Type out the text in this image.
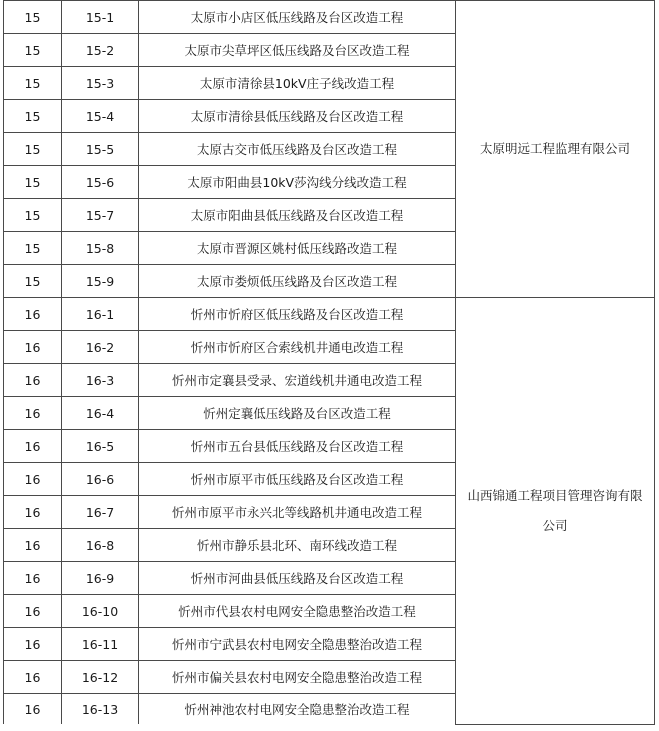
15	15-1	太原市小店区低压线路及台区改造工程	太原明远工程监理有限公司
15	15-2	太原市尖草坪区低压线路及台区改造工程	
15	15-3	太原市清徐县10kV庄子线改造工程	
15	15-4	太原市清徐县低压线路及台区改造工程	
15	15-5	太原古交市低压线路及台区改造工程	
15	15-6	太原市阳曲县10kV莎沟线分线改造工程	
15	15-7	太原市阳曲县低压线路及台区改造工程	
15	15-8	太原市晋源区姚村低压线路改造工程	
15	15-9	太原市娄烦低压线路及台区改造工程	
16	16-1	忻州市忻府区低压线路及台区改造工程	山西锦通工程项目管理咨询有限公司
16	16-2	忻州市忻府区合索线机井通电改造工程	
16	16-3	忻州市定襄县受录、宏道线机井通电改造工程	
16	16-4	忻州定襄低压线路及台区改造工程	
16	16-5	忻州市五台县低压线路及台区改造工程	
16	16-6	忻州市原平市低压线路及台区改造工程	
16	16-7	忻州市原平市永兴北等线路机井通电改造工程	
16	16-8	忻州市静乐县北环、南环线改造工程	
16	16-9	忻州市河曲县低压线路及台区改造工程	
16	16-10	忻州市代县农村电网安全隐患整治改造工程	
16	16-11	忻州市宁武县农村电网安全隐患整治改造工程	
16	16-12	忻州市偏关县农村电网安全隐患整治改造工程	
16	16-13	忻州神池农村电网安全隐患整治改造工程	
